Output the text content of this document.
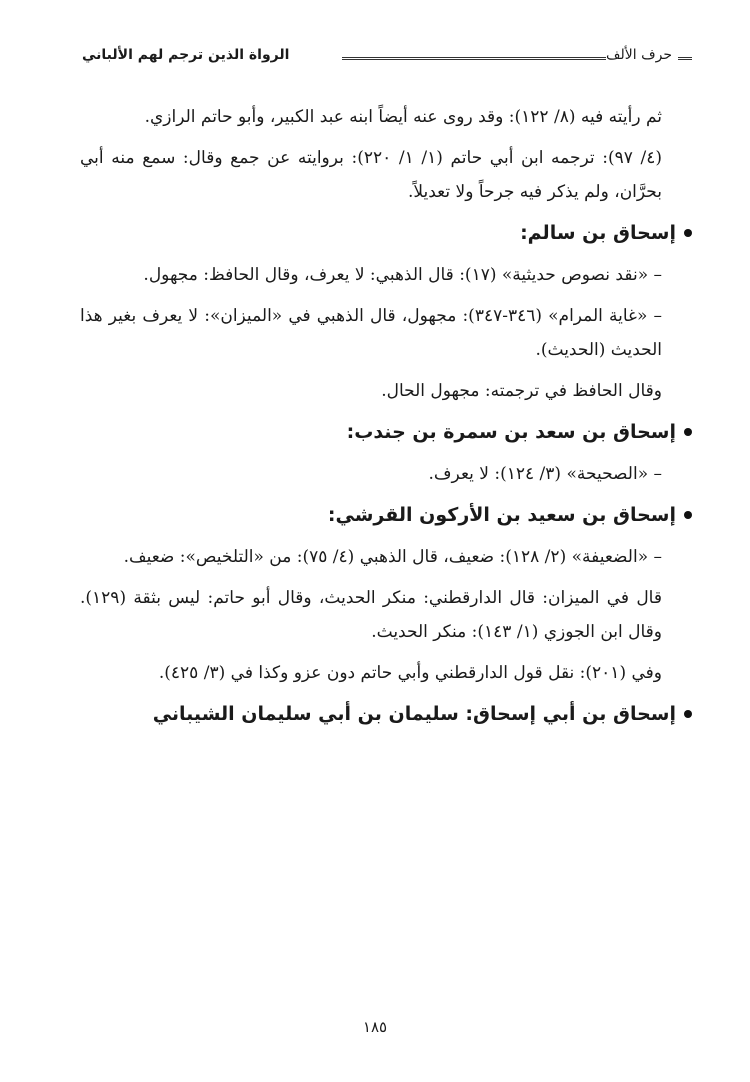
حرف الألف
الرواة الذين ترجم لهم الألباني

ثم رأيته فيه (٨/ ١٢٢): وقد روى عنه أيضاً ابنه عبد الكبير، وأبو حاتم الرازي.

(٤/ ٩٧): ترجمه ابن أبي حاتم (١/ ١/ ٢٢٠): بروايته عن جمع وقال: سمع منه أبي بحرَّان، ولم يذكر فيه جرحاً ولا تعديلاً.

إسحاق بن سالم:

– «نقد نصوص حديثية» (١٧): قال الذهبي: لا يعرف، وقال الحافظ: مجهول.

– «غاية المرام» (٣٤٦-٣٤٧): مجهول، قال الذهبي في «الميزان»: لا يعرف بغير هذا الحديث (الحديث).

وقال الحافظ في ترجمته: مجهول الحال.

إسحاق بن سعد بن سمرة بن جندب:

– «الصحيحة» (٣/ ١٢٤): لا يعرف.

إسحاق بن سعيد بن الأركون القرشي:

– «الضعيفة» (٢/ ١٢٨): ضعيف، قال الذهبي (٤/ ٧٥): من «التلخيص»: ضعيف.

قال في الميزان: قال الدارقطني: منكر الحديث، وقال أبو حاتم: ليس بثقة (١٢٩). وقال ابن الجوزي (١/ ١٤٣): منكر الحديث.

وفي (٢٠١): نقل قول الدارقطني وأبي حاتم دون عزو وكذا في (٣/ ٤٢٥).

إسحاق بن أبي إسحاق: سليمان بن أبي سليمان الشيباني
١٨٥
